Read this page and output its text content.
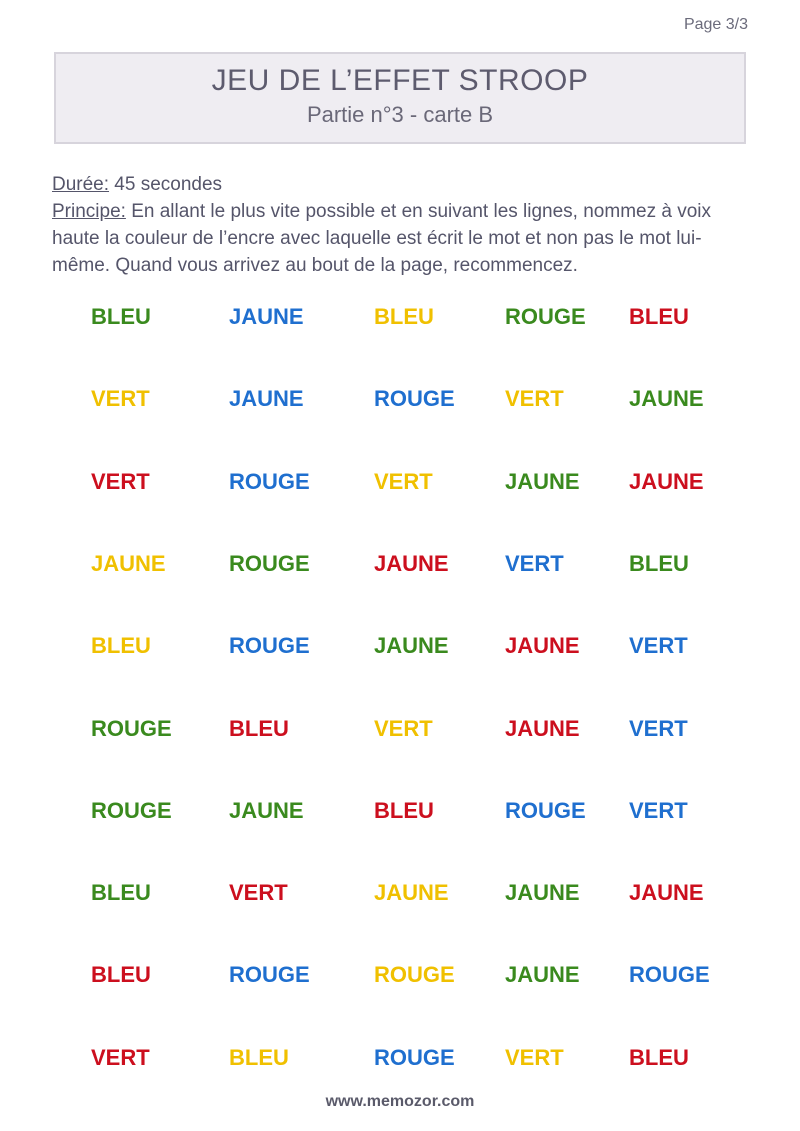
Page 3/3
JEU DE L’EFFET STROOP
Partie n°3 - carte B
Durée: 45 secondes
Principe: En allant le plus vite possible et en suivant les lignes, nommez à voix haute la couleur de l’encre avec laquelle est écrit le mot et non pas le mot lui-même. Quand vous arrivez au bout de la page, recommencez.
BLEU	JAUNE	BLEU	ROUGE BLEU
VERT	JAUNE	ROUGE VERT	JAUNE
VERT	ROUGE	VERT	JAUNE JAUNE
JAUNE	ROUGE	JAUNE	VERT	BLEU
BLEU	ROUGE	JAUNE	JAUNE VERT
ROUGE	BLEU	VERT	JAUNE VERT
ROUGE	JAUNE	BLEU	ROUGE VERT
BLEU	VERT	JAUNE	JAUNE JAUNE
BLEU	ROUGE	ROUGE JAUNE ROUGE
VERT	BLEU	ROUGE VERT	BLEU
www.memozor.com
